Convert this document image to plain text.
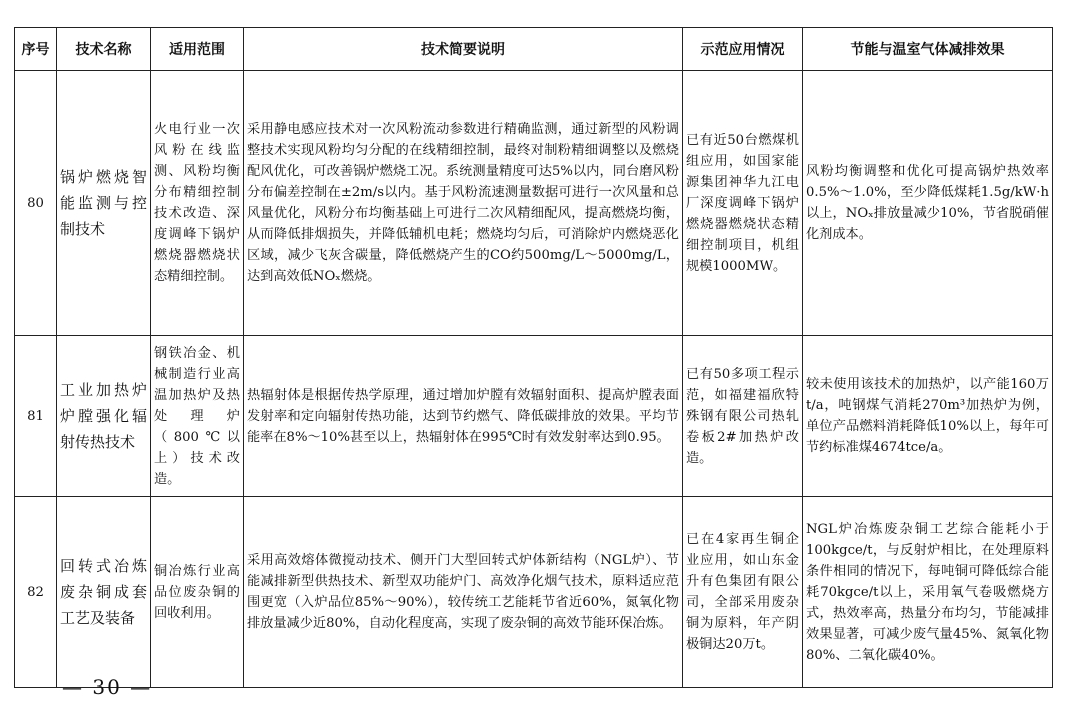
序号	技术名称	适用范围	技术简要说明	示范应用情况	节能与温室气体减排效果
80	锅炉燃烧智能监测与控制技术	火电行业一次风粉在线监测、风粉均衡分布精细控制技术改造、深度调峰下锅炉燃烧器燃烧状态精细控制。	采用静电感应技术对一次风粉流动参数进行精确监测，通过新型的风粉调整技术实现风粉均匀分配的在线精细控制，最终对制粉精细调整以及燃烧配风优化，可改善锅炉燃烧工况。系统测量精度可达5%以内，同台磨风粉分布偏差控制在±2m/s以内。基于风粉流速测量数据可进行一次风量和总风量优化，风粉分布均衡基础上可进行二次风精细配风，提高燃烧均衡，从而降低排烟损失，并降低辅机电耗；燃烧均匀后，可消除炉内燃烧恶化区域，减少飞灰含碳量，降低燃烧产生的CO约500mg/L～5000mg/L，达到高效低NOₓ燃烧。	已有近50台燃煤机组应用，如国家能源集团神华九江电厂深度调峰下锅炉燃烧器燃烧状态精细控制项目，机组规模1000MW。	风粉均衡调整和优化可提高锅炉热效率0.5%～1.0%，至少降低煤耗1.5g/kW·h以上，NOₓ排放量减少10%，节省脱硝催化剂成本。
81	工业加热炉炉膛强化辐射传热技术	钢铁冶金、机械制造行业高温加热炉及热处理炉（800℃以上）技术改造。	热辐射体是根据传热学原理，通过增加炉膛有效辐射面积、提高炉膛表面发射率和定向辐射传热功能，达到节约燃气、降低碳排放的效果。平均节能率在8%～10%甚至以上，热辐射体在995℃时有效发射率达到0.95。	已有50多项工程示范，如福建福欣特殊钢有限公司热轧卷板2#加热炉改造。	较未使用该技术的加热炉，以产能160万t/a，吨钢煤气消耗270m³加热炉为例，单位产品燃料消耗降低10%以上，每年可节约标准煤4674tce/a。
82	回转式冶炼废杂铜成套工艺及装备	铜冶炼行业高品位废杂铜的回收利用。	采用高效熔体微搅动技术、侧开门大型回转式炉体新结构（NGL炉）、节能减排新型供热技术、新型双功能炉门、高效净化烟气技术，原料适应范围更宽（入炉品位85%～90%），较传统工艺能耗节省近60%，氮氧化物排放量减少近80%，自动化程度高，实现了废杂铜的高效节能环保冶炼。	已在4家再生铜企业应用，如山东金升有色集团有限公司，全部采用废杂铜为原料，年产阴极铜达20万t。	NGL炉冶炼废杂铜工艺综合能耗小于100kgce/t，与反射炉相比，在处理原料条件相同的情况下，每吨铜可降低综合能耗70kgce/t以上，采用氧气卷吸燃烧方式，热效率高，热量分布均匀，节能减排效果显著，可减少废气量45%、氮氧化物80%、二氧化碳40%。
— 30 —
